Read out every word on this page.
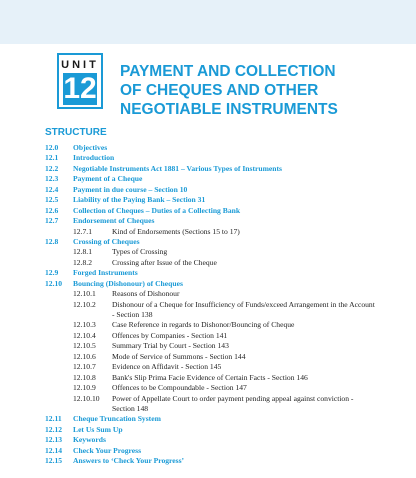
UNIT
12
PAYMENT AND COLLECTION
OF CHEQUES AND OTHER
NEGOTIABLE INSTRUMENTS
STRUCTURE
12.0 Objectives
12.1 Introduction
12.2 Negotiable Instruments Act 1881 – Various Types of Instruments
12.3 Payment of a Cheque
12.4 Payment in due course – Section 10
12.5 Liability of the Paying Bank – Section 31
12.6 Collection of Cheques – Duties of a Collecting Bank
12.7 Endorsement of Cheques
12.7.1	Kind of Endorsements (Sections 15 to 17)
12.8 Crossing of Cheques
12.8.1	Types of Crossing
12.8.2	Crossing after Issue of the Cheque
12.9 Forged Instruments
12.10 Bouncing (Dishonour) of Cheques
12.10.1 Reasons of Dishonour
12.10.2 Dishonour of a Cheque for Insufficiency of Funds/exceed Arrangement in the Account - Section 138
12.10.3 Case Reference in regards to Dishonor/Bouncing of Cheque
12.10.4 Offences by Companies - Section 141
12.10.5 Summary Trial by Court - Section 143
12.10.6 Mode of Service of Summons - Section 144
12.10.7 Evidence on Affidavit - Section 145
12.10.8 Bank's Slip Prima Facie Evidence of Certain Facts - Section 146
12.10.9 Offences to be Compoundable - Section 147
12.10.10 Power of Appellate Court to order payment pending appeal against conviction - Section 148
12.11 Cheque Truncation System
12.12 Let Us Sum Up
12.13 Keywords
12.14 Check Your Progress
12.15 Answers to ‘Check Your Progress’
